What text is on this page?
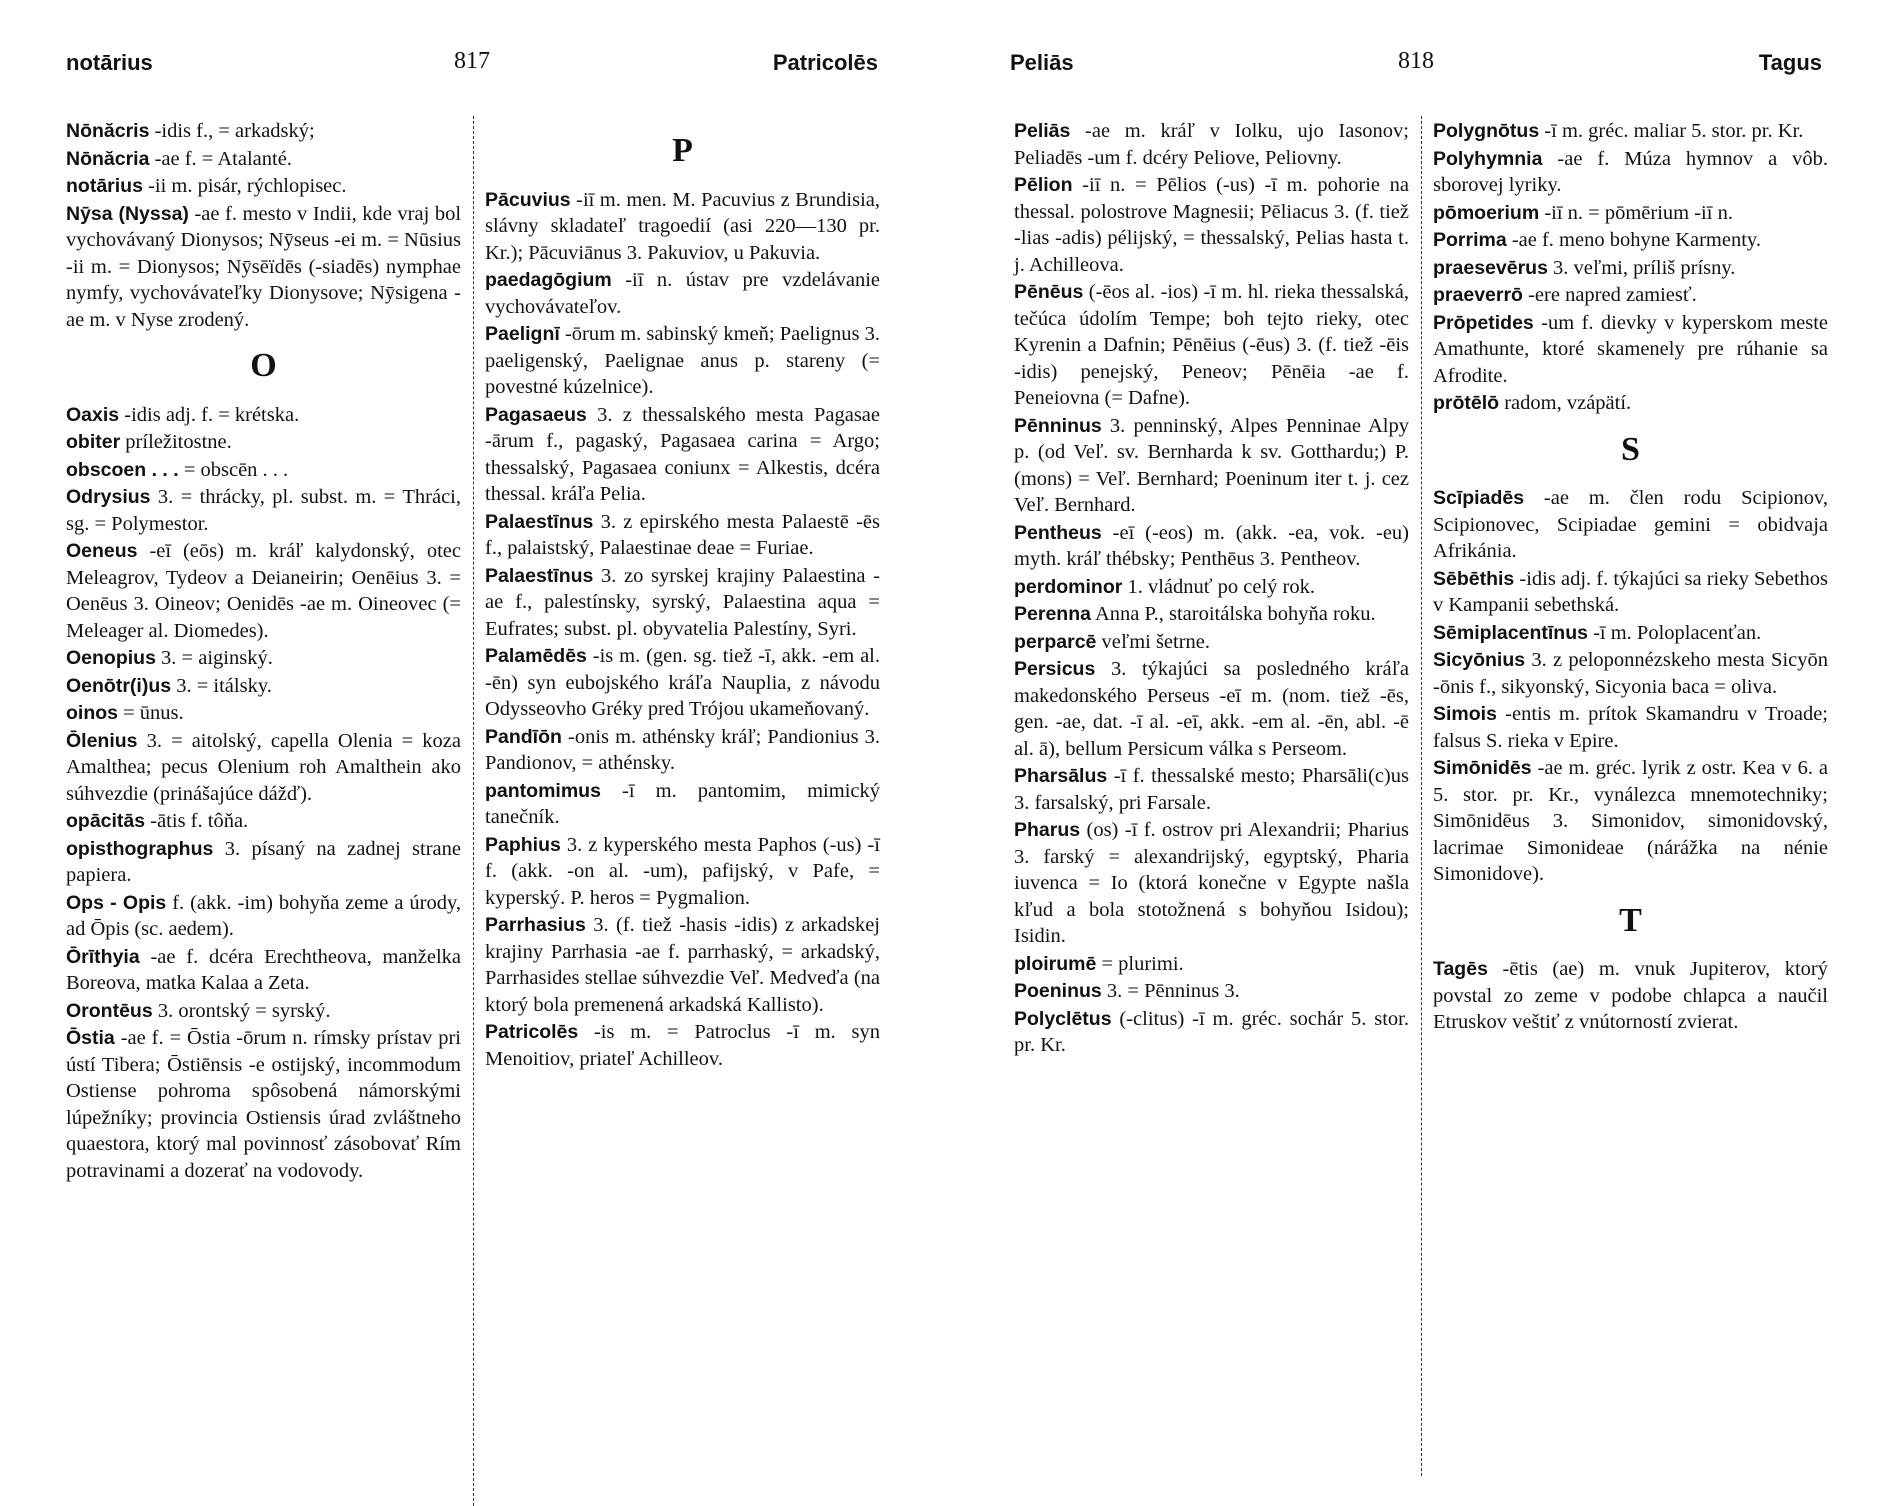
notārius	817	Patricolēs
Nōnăcris -idis f., = arkadský;
Nōnăcria -ae f. = Atalanté.
notārius -ii m. pisár, rýchlopisec.
Nȳsa (Nyssa) -ae f. mesto v Indii, kde vraj bol vychovávaný Dionysos; Nȳseus -ei m. = Nūsius -ii m. = Dionysos; Nȳsēïdēs (-siadēs) nymphae nymfy, vychovávateľky Dionysove; Nȳsigena -ae m. v Nyse zrodený.
O
Oaxis -idis adj. f. = krétska.
obiter príležitostne.
obscoen . . . = obscēn . . .
Odrysius 3. = thrácky, pl. subst. m. = Thráci, sg. = Polymestor.
Oeneus -eī (eōs) m. kráľ kalydonský, otec Meleagrov, Tydeov a Deianeirin; Oenēius 3. = Oenēus 3. Oineov; Oenidēs -ae m. Oineovec (= Meleager al. Diomedes).
Oenopius 3. = aiginský.
Oenōtr(i)us 3. = itálsky.
oinos = ūnus.
Ōlenius 3. = aitolský, capella Olenia = koza Amalthea; pecus Olenium roh Amalthein ako súhvezdie (prinášajúce dážď).
opācitās -ātis f. tôňa.
opisthographus 3. písaný na zadnej strane papiera.
Ops - Opis f. (akk. -im) bohyňa zeme a úrody, ad Ōpis (sc. aedem).
Ōrīthyia -ae f. dcéra Erechtheova, manželka Boreova, matka Kalaa a Zeta.
Orontēus 3. orontský = syrský.
Ōstia -ae f. = Ōstia -ōrum n. rímsky prístav pri ústí Tibera; Ōstiēnsis -e ostijský, incommodum Ostiense pohroma spôsobená námorskými lúpežníky; provincia Ostiensis úrad zvláštneho quaestora, ktorý mal povinnosť zásobovať Rím potravinami a dozerať na vodovody.
P
Pācuvius -iī m. men. M. Pacuvius z Brundisia, slávny skladateľ tragoedií (asi 220—130 pr. Kr.); Pācuviānus 3. Pakuviov, u Pakuvia.
paedagōgium -iī n. ústav pre vzdelávanie vychovávateľov.
Paelignī -ōrum m. sabinský kmeň; Paelignus 3. paeligenský, Paelignae anus p. stareny (= povestné kúzelnice).
Pagasaeus 3. z thessalského mesta Pagasae -ārum f., pagaský, Pagasaea carina = Argo; thessalský, Pagasaea coniunx = Alkestis, dcéra thessal. kráľa Pelia.
Palaestīnus 3. z epirského mesta Palaestē -ēs f., palaistský, Palaestinae deae = Furiae.
Palaestīnus 3. zo syrskej krajiny Palaestina -ae f., palestínsky, syrský, Palaestina aqua = Eufrates; subst. pl. obyvatelia Palestíny, Syri.
Palamēdēs -is m. (gen. sg. tiež -ī, akk. -em al. -ēn) syn eubojského kráľa Nauplia, z návodu Odysseovho Gréky pred Trójou ukameňovaný.
Pandīōn -onis m. athénsky kráľ; Pandionius 3. Pandionov, = athénsky.
pantomimus -ī m. pantomim, mimický tanečník.
Paphius 3. z kyperského mesta Paphos (-us) -ī f. (akk. -on al. -um), pafijský, v Pafe, = kyperský. P. heros = Pygmalion.
Parrhasius 3. (f. tiež -hasis -idis) z arkadskej krajiny Parrhasia -ae f. parrhaský, = arkadský, Parrhasides stellae súhvezdie Veľ. Medveďa (na ktorý bola premenená arkadská Kallisto).
Patricolēs -is m. = Patroclus -ī m. syn Menoitiov, priateľ Achilleov.
Peliās	818	Tagus
Peliās -ae m. kráľ v Iolku, ujo Iasonov; Peliadēs -um f. dcéry Peliove, Peliovny.
Pēlion -iī n. = Pēlios (-us) -ī m. pohorie na thessal. polostrove Magnesii; Pēliacus 3. (f. tiež -lias -adis) pélijský, = thessalský, Pelias hasta t. j. Achilleova.
Pēnēus (-ēos al. -ios) -ī m. hl. rieka thessalská, tečúca údolím Tempe; boh tejto rieky, otec Kyrenin a Dafnin; Pēnēius (-ēus) 3. (f. tiež -ēis -idis) penejský, Peneov; Pēnēia -ae f. Peneiovna (= Dafne).
Pēnninus 3. penninský, Alpes Penninae Alpy p. (od Veľ. sv. Bernharda k sv. Gotthardu;) P. (mons) = Veľ. Bernhard; Poeninum iter t. j. cez Veľ. Bernhard.
Pentheus -eī (-eos) m. (akk. -ea, vok. -eu) myth. kráľ thébsky; Penthēus 3. Pentheov.
perdominor 1. vládnuť po celý rok.
Perenna Anna P., staroitálska bohyňa roku.
perparcē veľmi šetrne.
Persicus 3. týkajúci sa posledného kráľa makedonského Perseus -eī m. (nom. tiež -ēs, gen. -ae, dat. -ī al. -eī, akk. -em al. -ēn, abl. -ē al. ā), bellum Persicum válka s Perseom.
Pharsālus -ī f. thessalské mesto; Pharsāli(c)us 3. farsalský, pri Farsale.
Pharus (os) -ī f. ostrov pri Alexandrii; Pharius 3. farský = alexandrijský, egyptský, Pharia iuvenca = Io (ktorá konečne v Egypte našla kľud a bola stotožnená s bohyňou Isidou); Isidin.
ploirumē = plurimi.
Poeninus 3. = Pēnninus 3.
Polyclētus (-clitus) -ī m. gréc. sochár 5. stor. pr. Kr.
Polygnōtus -ī m. gréc. maliar 5. stor. pr. Kr.
Polyhymnia -ae f. Múza hymnov a vôb. sborovej lyriky.
pōmoerium -iī n. = pōmērium -iī n.
Porrima -ae f. meno bohyne Karmenty.
praesevērus 3. veľmi, príliš prísny.
praeverrō -ere napred zamiesť.
Prōpetides -um f. dievky v kyperskom meste Amathunte, ktoré skamenely pre rúhanie sa Afrodite.
prōtēlō radom, vzápätí.
S
Scīpiadēs -ae m. člen rodu Scipionov, Scipionovec, Scipiadae gemini = obidvaja Afrikánia.
Sēbēthis -idis adj. f. týkajúci sa rieky Sebethos v Kampanii sebethská.
Sēmiplacentīnus -ī m. Poloplacenťan.
Sicyōnius 3. z peloponnézskeho mesta Sicyōn -ōnis f., sikyonský, Sicyonia baca = oliva.
Simois -entis m. prítok Skamandru v Troade; falsus S. rieka v Epire.
Simōnidēs -ae m. gréc. lyrik z ostr. Kea v 6. a 5. stor. pr. Kr., vynálezca mnemotechniky; Simōnidēus 3. Simonidov, simonidovský, lacrimae Simonideae (nárážka na nénie Simonidove).
T
Tagēs -ētis (ae) m. vnuk Jupiterov, ktorý povstal zo zeme v podobe chlapca a naučil Etruskov veštiť z vnútorností zvierat.
